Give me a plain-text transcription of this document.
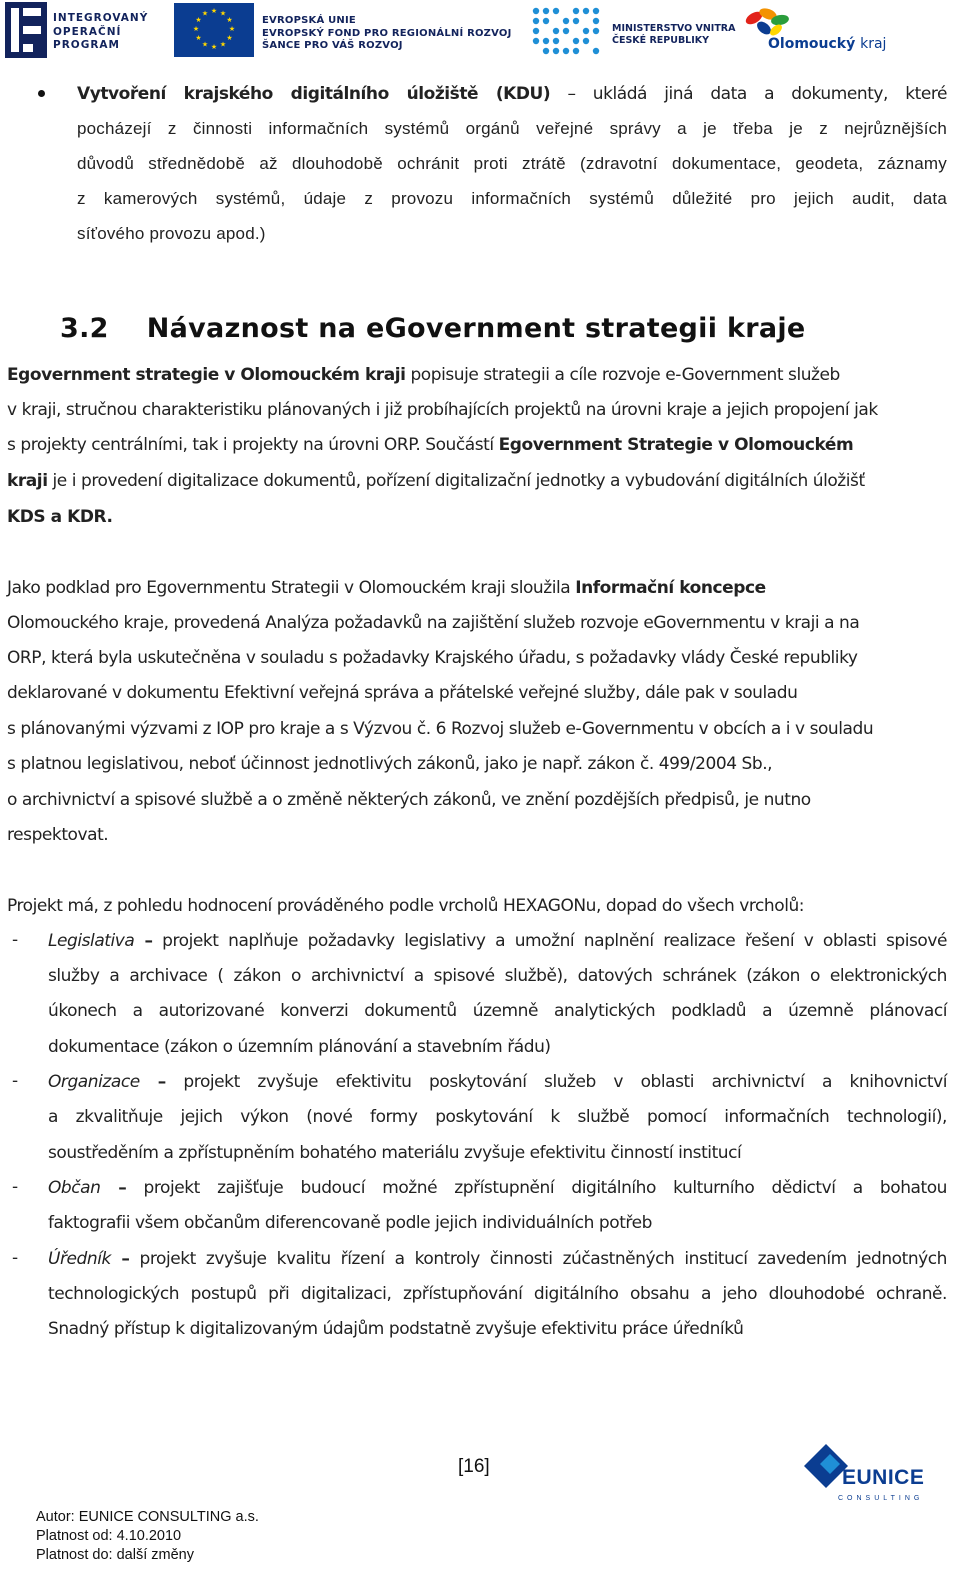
INTEGROVANÝ
OPERAČNÍ
PROGRAM
★ ★
★
★
★
★
★
★
★
★
★
★
EVROPSKÁ UNIE
EVROPSKÝ FOND PRO REGIONÁLNÍ ROZVOJ
ŠANCE PRO VÁŠ ROZVOJ
MINISTERSTVO VNITRA
ČESKÉ REPUBLIKY	Olomoucký kraj
Vytvoření krajského digitálního úložiště (KDU) – ukládá jiná data a dokumenty, které
pocházejí z činnosti informačních systémů orgánů veřejné správy a je třeba je z nejrůznějších
důvodů střednědobě až dlouhodobě ochránit proti ztrátě (zdravotní dokumentace, geodeta, záznamy
z kamerových systémů, údaje z provozu informačních systémů důležité pro jejich audit, data
síťového provozu apod.)
3.2 Návaznost na eGovernment strategii kraje
Egovernment strategie v Olomouckém kraji popisuje strategii a cíle rozvoje e-Government služeb
v kraji, stručnou charakteristiku plánovaných i již probíhajících projektů na úrovni kraje a jejich propojení jak
s projekty centrálními, tak i projekty na úrovni ORP. Součástí Egovernment Strategie v Olomouckém
kraji je i provedení digitalizace dokumentů, pořízení digitalizační jednotky a vybudování digitálních úložišť
KDS a KDR.
Jako podklad pro Egovernmentu Strategii v Olomouckém kraji sloužila Informační koncepce
Olomouckého kraje, provedená Analýza požadavků na zajištění služeb rozvoje eGovernmentu v kraji a na
ORP, která byla uskutečněna v souladu s požadavky Krajského úřadu, s požadavky vlády České republiky
deklarované v dokumentu Efektivní veřejná správa a přátelské veřejné služby, dále pak v souladu
s plánovanými výzvami z IOP pro kraje a s Výzvou č. 6 Rozvoj služeb e-Governmentu v obcích a i v souladu
s platnou legislativou, neboť účinnost jednotlivých zákonů, jako je např. zákon č. 499/2004 Sb.,
o archivnictví a spisové službě a o změně některých zákonů, ve znění pozdějších předpisů, je nutno
respektovat.
Projekt má, z pohledu hodnocení prováděného podle vrcholů HEXAGONu, dopad do všech vrcholů:
- Legislativa – projekt naplňuje požadavky legislativy a umožní naplnění realizace řešení v oblasti spisové
služby a archivace ( zákon o archivnictví a spisové službě), datových schránek (zákon o elektronických
úkonech a autorizované konverzi dokumentů územně analytických podkladů a územně plánovací
dokumentace (zákon o územním plánování a stavebním řádu)
- Organizace – projekt zvyšuje efektivitu poskytování služeb v oblasti archivnictví a knihovnictví
a zkvalitňuje jejich výkon (nové formy poskytování k službě pomocí informačních technologií),
soustředěním a zpřístupněním bohatého materiálu zvyšuje efektivitu činností institucí
- Občan – projekt zajišťuje budoucí možné zpřístupnění digitálního kulturního dědictví a bohatou
faktografii všem občanům diferencovaně podle jejich individuálních potřeb
- Úředník – projekt zvyšuje kvalitu řízení a kontroly činnosti zúčastněných institucí zavedením jednotných
technologických postupů při digitalizaci, zpřístupňování digitálního obsahu a jeho dlouhodobé ochraně.
Snadný přístup k digitalizovaným údajům podstatně zvyšuje efektivitu práce úředníků
[16]
Autor: EUNICE CONSULTING a.s.
Platnost od: 4.10.2010
Platnost do: další změny
EUNICE
CONSULTING
